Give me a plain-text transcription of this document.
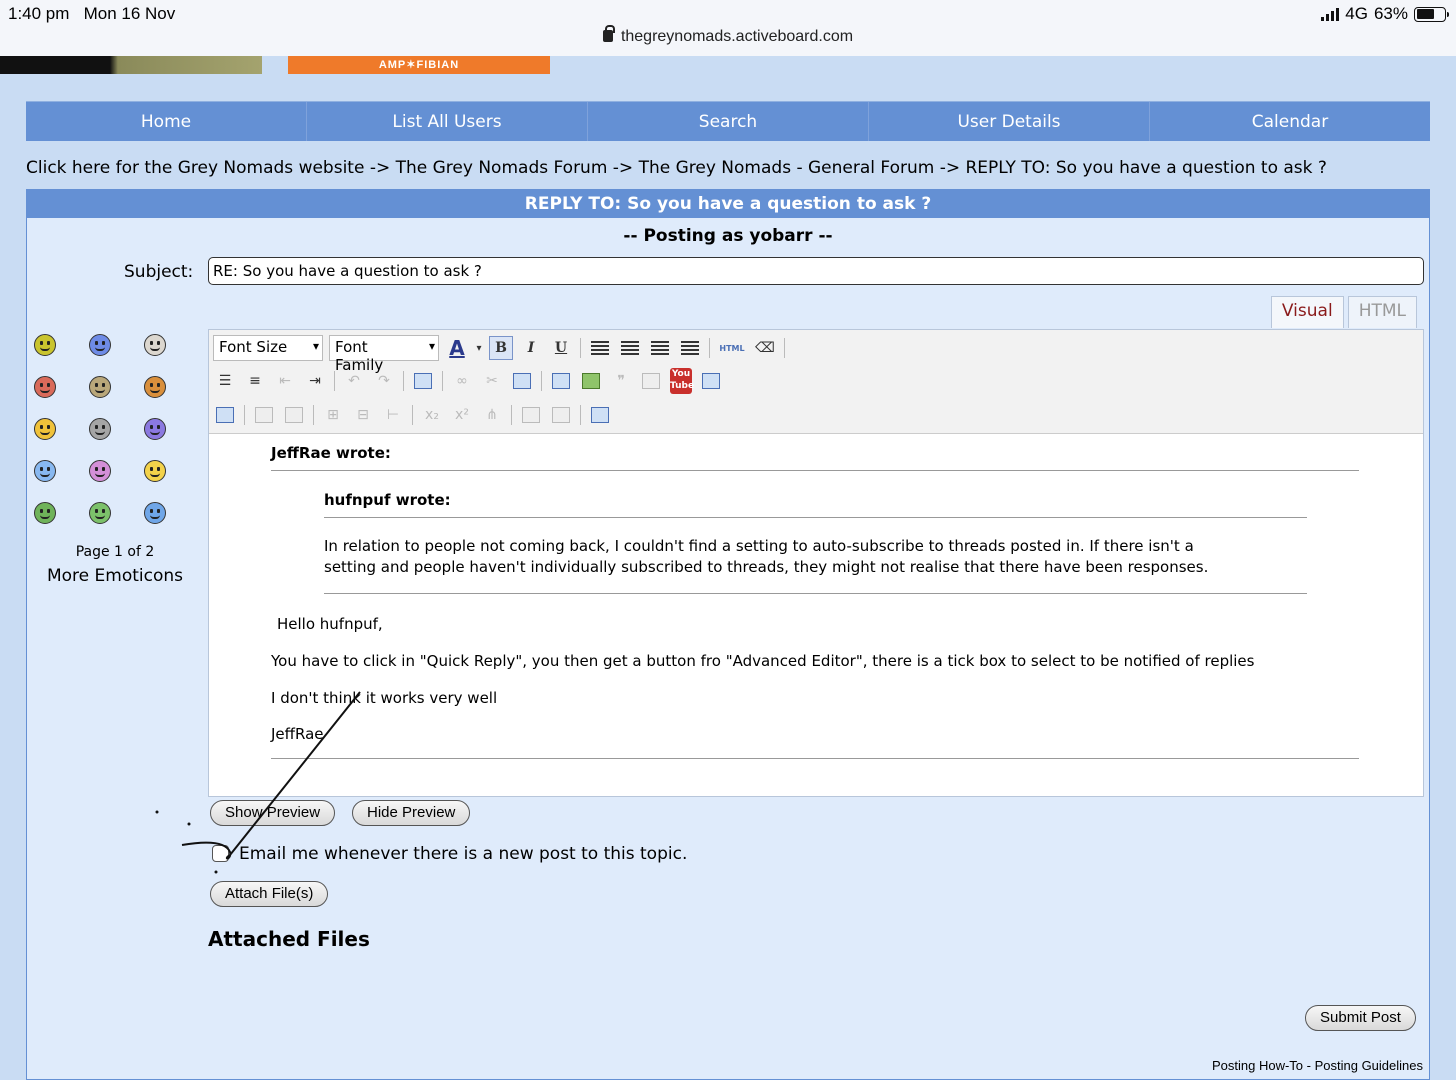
1:40 pm Mon 16 Nov
thegreynomads.activeboard.com
4G 63%
AMP✶FIBIAN
Home	List All Users	Search	User Details	Calendar
Click here for the Grey Nomads website -> The Grey Nomads Forum -> The Grey Nomads - General Forum -> REPLY TO: So you have a question to ask ?
REPLY TO: So you have a question to ask ?
-- Posting as yobarr --
Subject:
RE: So you have a question to ask ?
Visual	HTML
Page 1 of 2
More Emoticons
Font Size ▾	Font Family ▾
A	▾ B	I	U	HTML ⌫
☰	≡	⇤	⇥	↶	↷	∞	✂	❞	You
Tube
⊞	⊟	⊢	x₂	x²	⋔
JeffRae wrote:
hufnpuf wrote:
In relation to people not coming back, I couldn't find a setting to auto-subscribe to threads posted in. If there isn't a
setting and people haven't individually subscribed to threads, they might not realise that there have been responses.
Hello hufnpuf,
You have to click in "Quick Reply", you then get a button fro "Advanced Editor", there is a tick box to select to be notified of replies
I don't think it works very well
JeffRae
Show Preview	Hide Preview
Email me whenever there is a new post to this topic.
Attach File(s)
Attached Files
Submit Post
Posting How-To - Posting Guidelines
